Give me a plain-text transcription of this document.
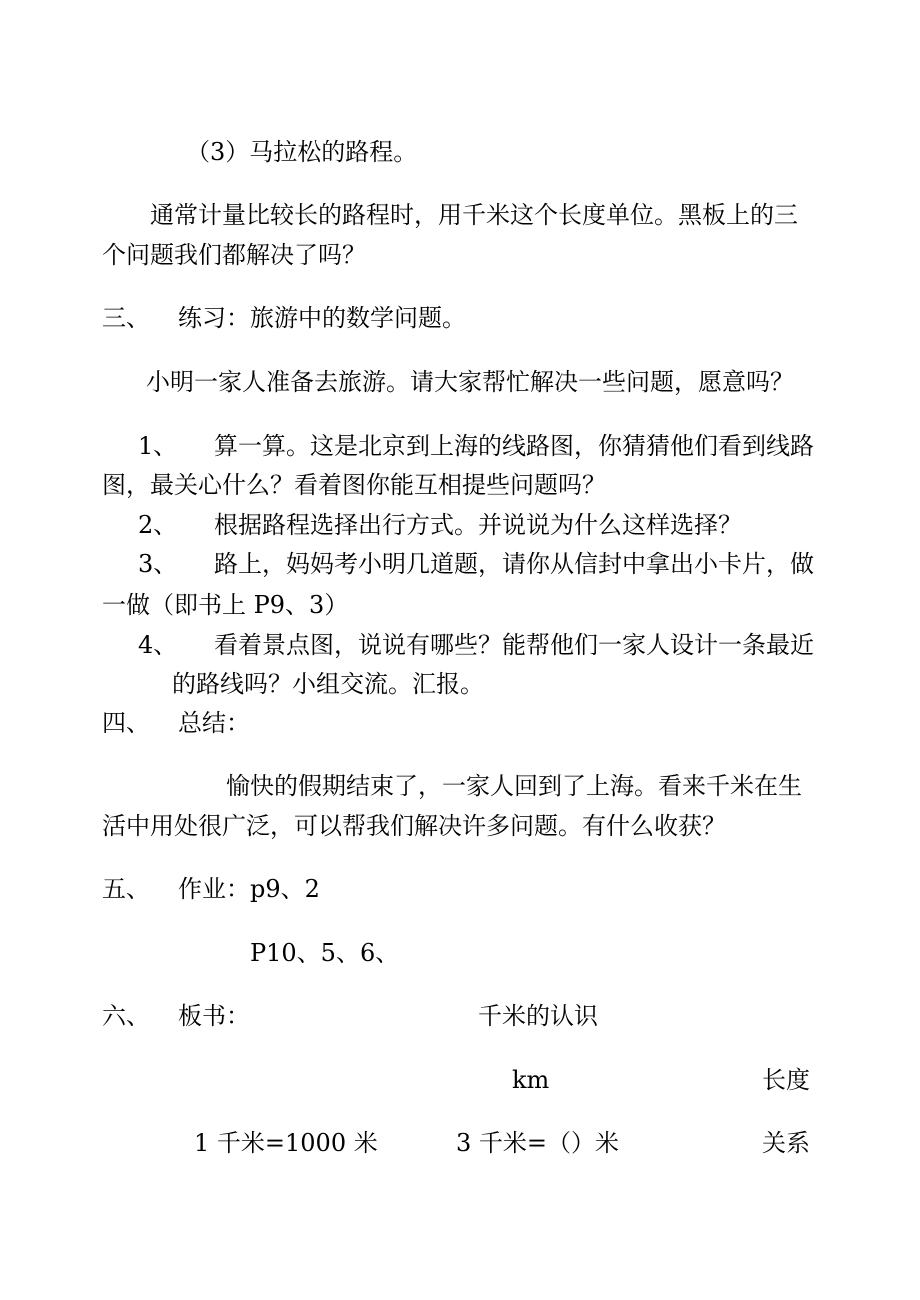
（3）马拉松的路程。
通常计量比较长的路程时，用千米这个长度单位。黑板上的三
个问题我们都解决了吗？
三、 练习：旅游中的数学问题。
小明一家人准备去旅游。请大家帮忙解决一些问题，愿意吗？
1、 算一算。这是北京到上海的线路图，你猜猜他们看到线路
图，最关心什么？看着图你能互相提些问题吗？
2、 根据路程选择出行方式。并说说为什么这样选择？
3、 路上，妈妈考小明几道题，请你从信封中拿出小卡片，做
一做（即书上 P9、3）
4、 看着景点图，说说有哪些？能帮他们一家人设计一条最近
的路线吗？小组交流。汇报。
四、 总结：
愉快的假期结束了，一家人回到了上海。看来千米在生
活中用处很广泛，可以帮我们解决许多问题。有什么收获？
五、 作业：p9、2
P10、5、6、
六、 板书：	千米的认识
km	长度
1 千米=1000 米	3 千米=（）米	关系
